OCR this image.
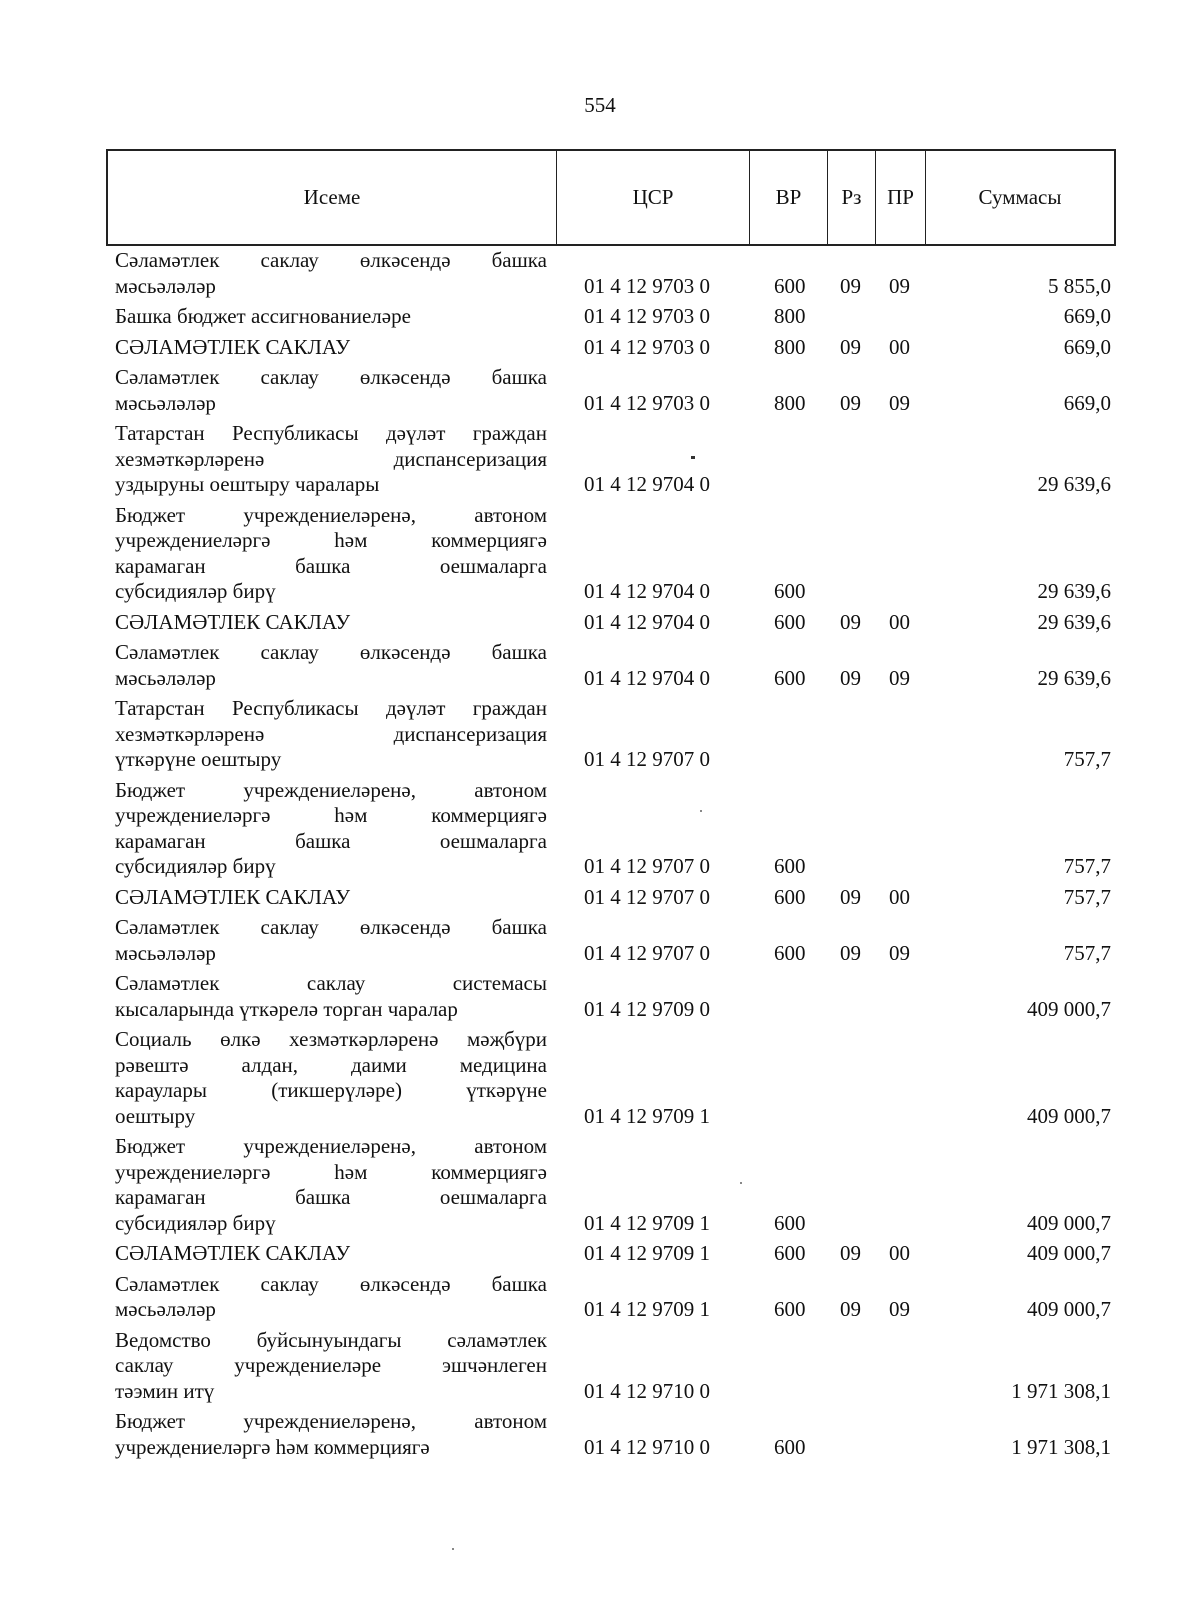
554
Исеме	ЦСР	ВР	Рз	ПР	Суммасы
Сәламәтлек саклау өлкәсендә башка
мәсьәләләр	01 4 12 9703 0	600 09 09	5 855,0
Башка бюджет ассигнованиеләре	01 4 12 9703 0	800	669,0
СӘЛАМӘТЛЕК САКЛАУ	01 4 12 9703 0	800 09 00	669,0
Сәламәтлек саклау өлкәсендә башка
мәсьәләләр	01 4 12 9703 0	800 09 09	669,0
Татарстан Республикасы дәүләт граждан
хезмәткәрләренә диспансеризация
уздыруны оештыру чаралары	01 4 12 9704 0	29 639,6
Бюджет учреждениеләренә, автоном
учреждениеләргә һәм коммерциягә
карамаган башка оешмаларга
субсидияләр бирү	01 4 12 9704 0	600	29 639,6
СӘЛАМӘТЛЕК САКЛАУ	01 4 12 9704 0	600 09 00	29 639,6
Сәламәтлек саклау өлкәсендә башка
мәсьәләләр	01 4 12 9704 0	600 09 09	29 639,6
Татарстан Республикасы дәүләт граждан
хезмәткәрләренә диспансеризация
үткәрүне оештыру	01 4 12 9707 0	757,7
Бюджет учреждениеләренә, автоном
учреждениеләргә һәм коммерциягә
карамаган башка оешмаларга
субсидияләр бирү	01 4 12 9707 0	600	757,7
СӘЛАМӘТЛЕК САКЛАУ	01 4 12 9707 0	600 09 00	757,7
Сәламәтлек саклау өлкәсендә башка
мәсьәләләр	01 4 12 9707 0	600 09 09	757,7
Сәламәтлек саклау системасы
кысаларында үткәрелә торган чаралар	01 4 12 9709 0	409 000,7
Социаль өлкә хезмәткәрләренә мәҗбүри
рәвештә алдан, даими медицина
караулары (тикшерүләре) үткәрүне
оештыру	01 4 12 9709 1	409 000,7
Бюджет учреждениеләренә, автоном
учреждениеләргә һәм коммерциягә
карамаган башка оешмаларга
субсидияләр бирү	01 4 12 9709 1	600	409 000,7
СӘЛАМӘТЛЕК САКЛАУ	01 4 12 9709 1	600 09 00	409 000,7
Сәламәтлек саклау өлкәсендә башка
мәсьәләләр	01 4 12 9709 1	600 09 09	409 000,7
Ведомство буйсынуындагы сәламәтлек
саклау учреждениеләре эшчәнлеген
тәэмин итү	01 4 12 9710 0	1 971 308,1
Бюджет учреждениеләренә, автоном
учреждениеләргә һәм коммерциягә	01 4 12 9710 0	600	1 971 308,1
